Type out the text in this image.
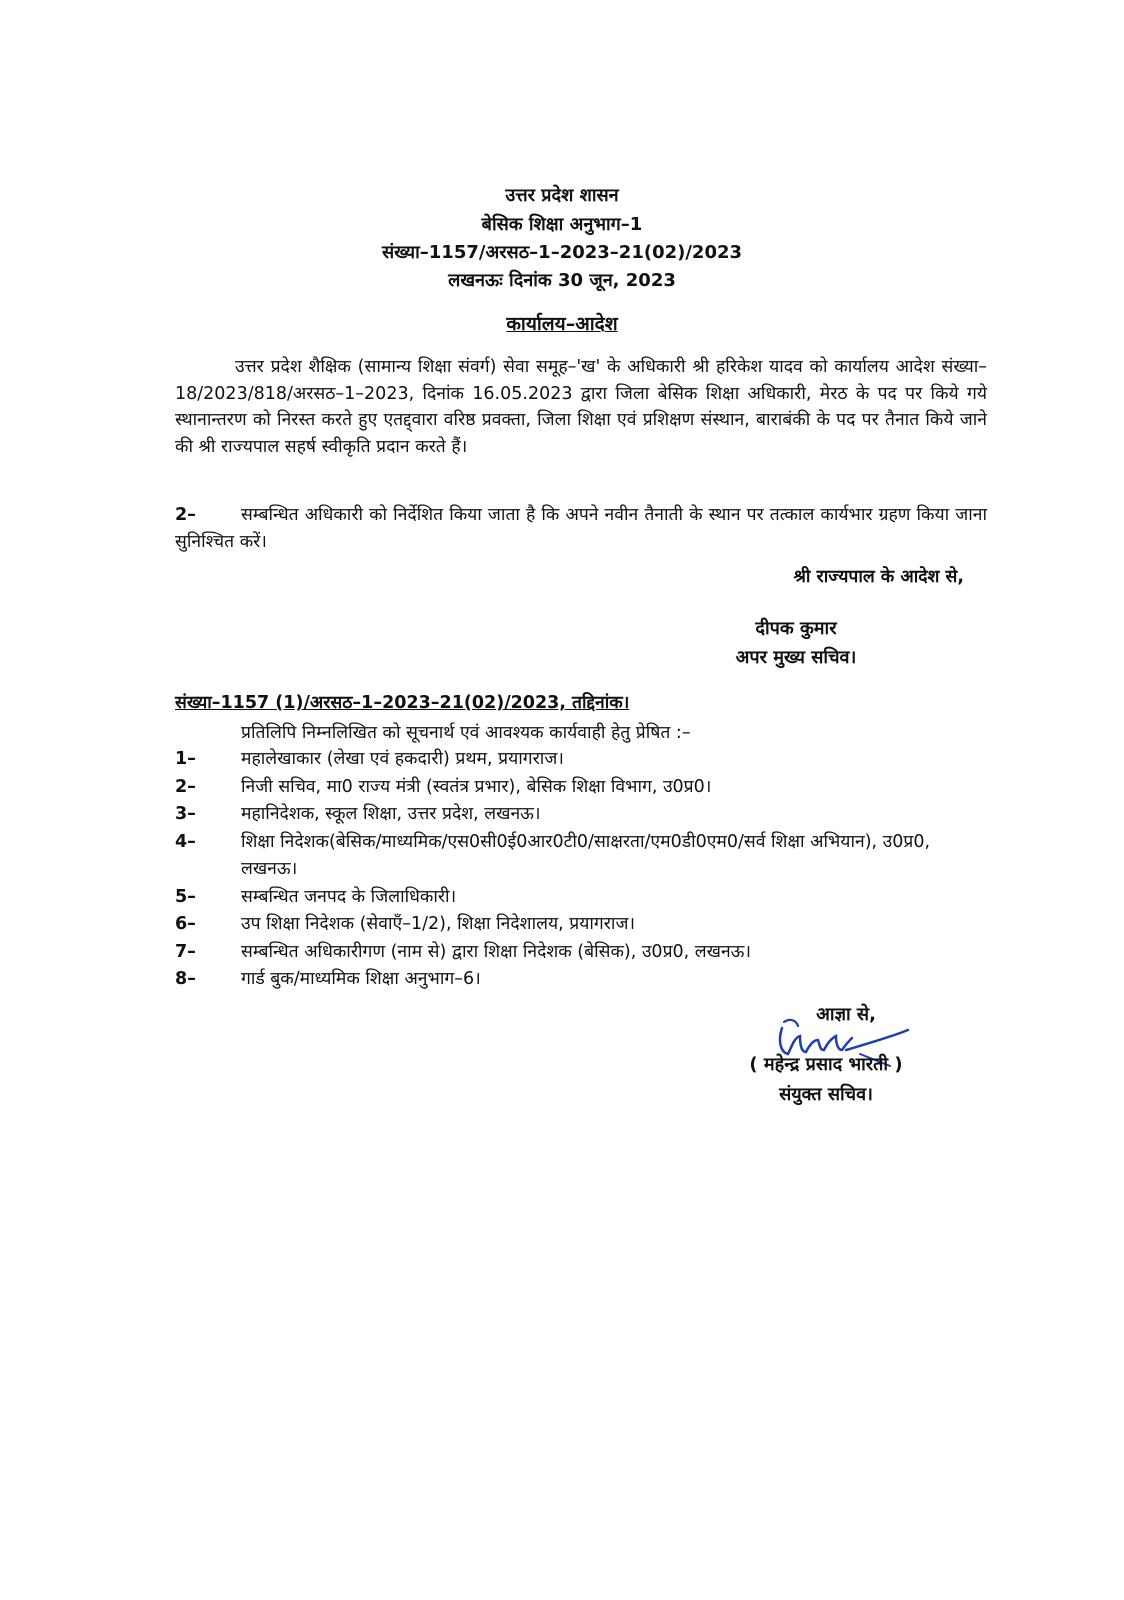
उत्तर प्रदेश शासन
बेसिक शिक्षा अनुभाग–1
संख्या–1157/अरसठ–1–2023–21(02)/2023
लखनऊः दिनांक 30 जून, 2023
कार्यालय–आदेश
उत्तर प्रदेश शैक्षिक (सामान्य शिक्षा संवर्ग) सेवा समूह–'ख' के अधिकारी श्री हरिकेश यादव को कार्यालय आदेश संख्या–18/2023/818/अरसठ–1–2023, दिनांक 16.05.2023 द्वारा जिला बेसिक शिक्षा अधिकारी, मेरठ के पद पर किये गये स्थानान्तरण को निरस्त करते हुए एतद्द्वारा वरिष्ठ प्रवक्ता, जिला शिक्षा एवं प्रशिक्षण संस्थान, बाराबंकी के पद पर तैनात किये जाने की श्री राज्यपाल सहर्ष स्वीकृति प्रदान करते हैं।
2–	सम्बन्धित अधिकारी को निर्देशित किया जाता है कि अपने नवीन तैनाती के स्थान पर तत्काल कार्यभार ग्रहण किया जाना सुनिश्चित करें।
श्री राज्यपाल के आदेश से,
दीपक कुमार
अपर मुख्य सचिव।
संख्या–1157 (1)/अरसठ–1–2023–21(02)/2023, तद्दिनांक।
प्रतिलिपि निम्नलिखित को सूचनार्थ एवं आवश्यक कार्यवाही हेतु प्रेषित :–
1–	महालेखाकार (लेखा एवं हकदारी) प्रथम, प्रयागराज।
2–	निजी सचिव, मा0 राज्य मंत्री (स्वतंत्र प्रभार), बेसिक शिक्षा विभाग, उ0प्र0।
3–	महानिदेशक, स्कूल शिक्षा, उत्तर प्रदेश, लखनऊ।
4–	शिक्षा निदेशक(बेसिक/माध्यमिक/एस0सी0ई0आर0टी0/साक्षरता/एम0डी0एम0/सर्व शिक्षा अभियान), उ0प्र0, लखनऊ।
5–	सम्बन्धित जनपद के जिलाधिकारी।
6–	उप शिक्षा निदेशक (सेवाएँ–1/2), शिक्षा निदेशालय, प्रयागराज।
7–	सम्बन्धित अधिकारीगण (नाम से) द्वारा शिक्षा निदेशक (बेसिक), उ0प्र0, लखनऊ।
8–	गार्ड बुक/माध्यमिक शिक्षा अनुभाग–6।
आज्ञा से,
( महेन्द्र प्रसाद भारती )
संयुक्त सचिव।
